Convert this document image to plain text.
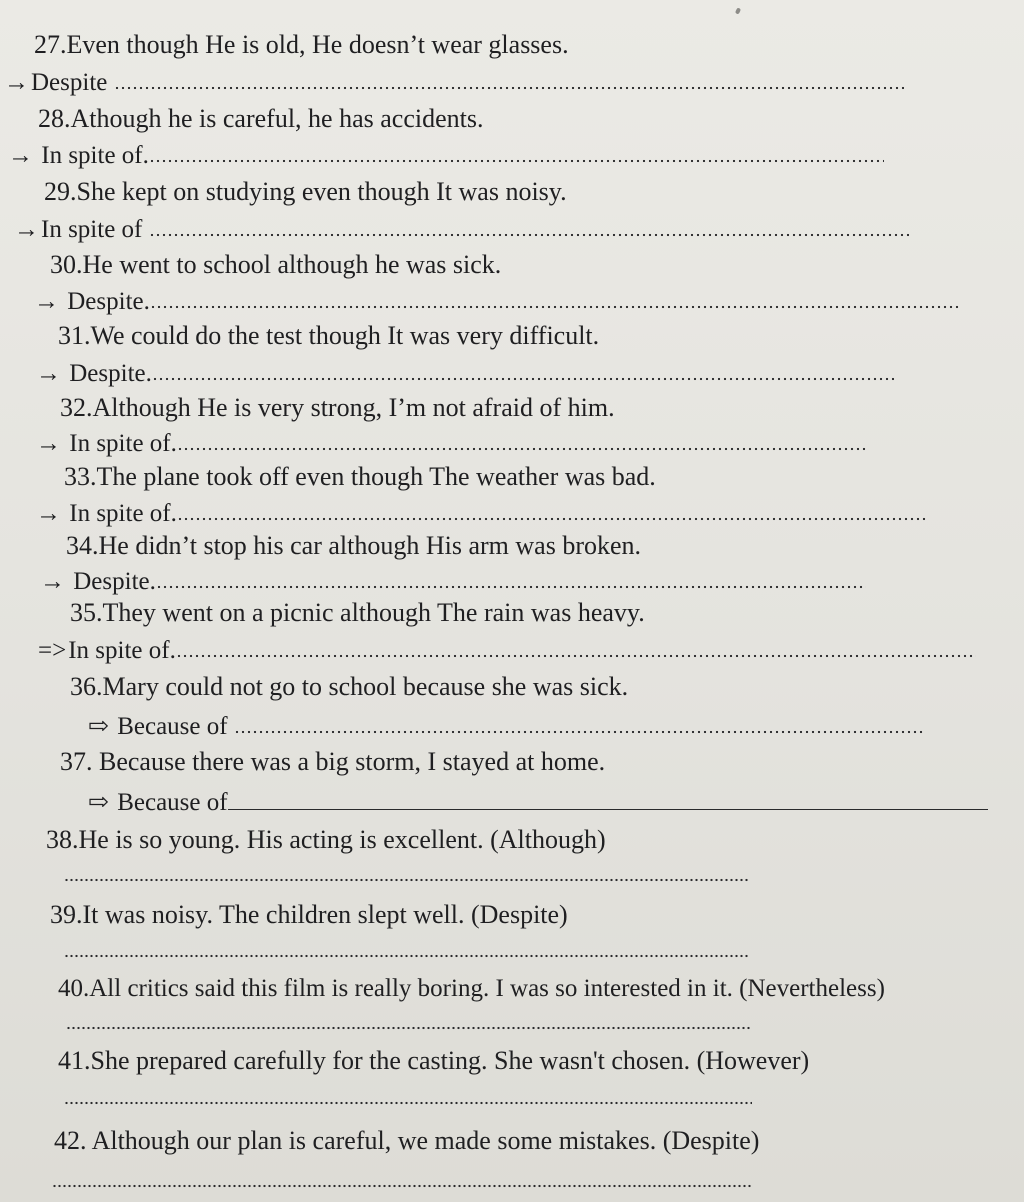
27.Even though He is old, He doesn’t wear glasses.
→Despite
28.Athough he is careful, he has accidents.
→ In spite of.
29.She kept on studying even though It was noisy.
→In spite of
30.He went to school although he was sick.
→ Despite.
31.We could do the test though It was very difficult.
→ Despite.
32.Although He is very strong, I’m not afraid of him.
→ In spite of.
33.The plane took off even though The weather was bad.
→ In spite of.
34.He didn’t stop his car although His arm was broken.
→ Despite.
35.They went on a picnic although The rain was heavy.
=>In spite of.
36.Mary could not go to school because she was sick.
⇨ Because of
37. Because there was a big storm, I stayed at home.
⇨ Because of
38.He is so young. His acting is excellent. (Although)
39.It was noisy. The children slept well. (Despite)
40.All critics said this film is really boring. I was so interested in it. (Nevertheless)
41.She prepared carefully for the casting. She wasn't chosen. (However)
42. Although our plan is careful, we made some mistakes. (Despite)
